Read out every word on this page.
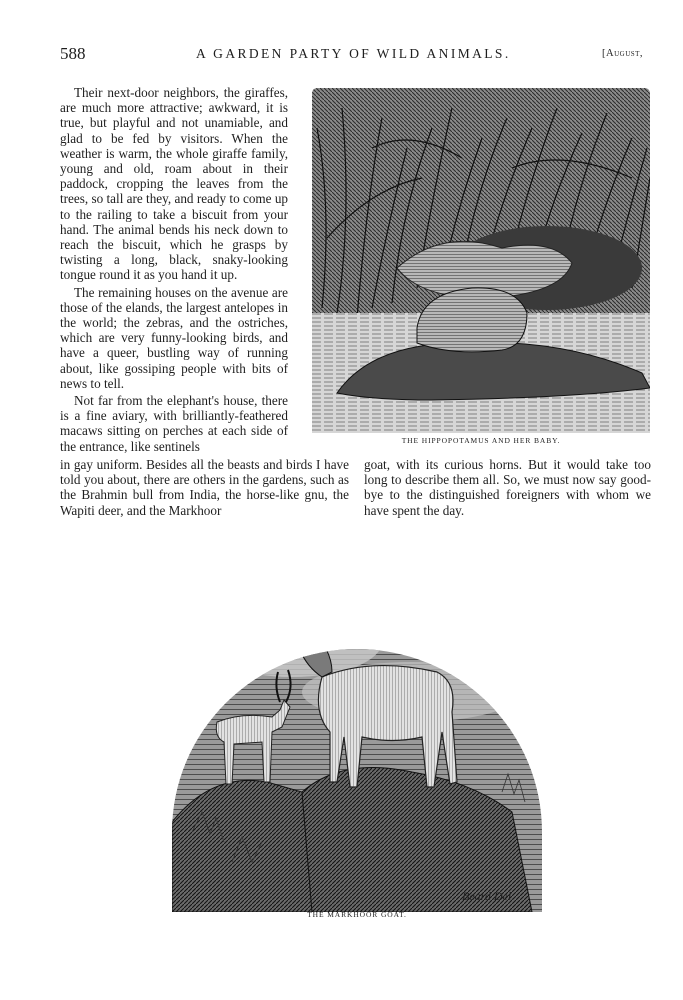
588	A GARDEN PARTY OF WILD ANIMALS.	[August,

Their next-door neighbors, the giraffes, are much more attractive; awkward, it is true, but playful and not unamiable, and glad to be fed by visitors. When the weather is warm, the whole giraffe family, young and old, roam about in their paddock, cropping the leaves from the trees, so tall are they, and ready to come up to the railing to take a biscuit from your hand. The animal bends his neck down to reach the biscuit, which he grasps by twisting a long, black, snaky-looking tongue round it as you hand it up.

The remaining houses on the avenue are those of the elands, the largest antelopes in the world; the zebras, and the ostriches, which are very funny-looking birds, and have a queer, bustling way of running about, like gossiping people with bits of news to tell.

Not far from the elephant's house, there is a fine aviary, with brilliantly-feathered macaws sitting on perches at each side of the entrance, like sentinels	THE HIPPOPOTAMUS AND HER BABY.

in gay uniform. Besides all the beasts and birds I have told you about, there are others in the gardens, such as the Brahmin bull from India, the horse-like gnu, the Wapiti deer, and the Markhoor

goat, with its curious horns. But it would take too long to describe them all. So, we must now say good-bye to the distinguished foreigners with whom we have spent the day.

Beard Del.
THE MARKHOOR GOAT.
